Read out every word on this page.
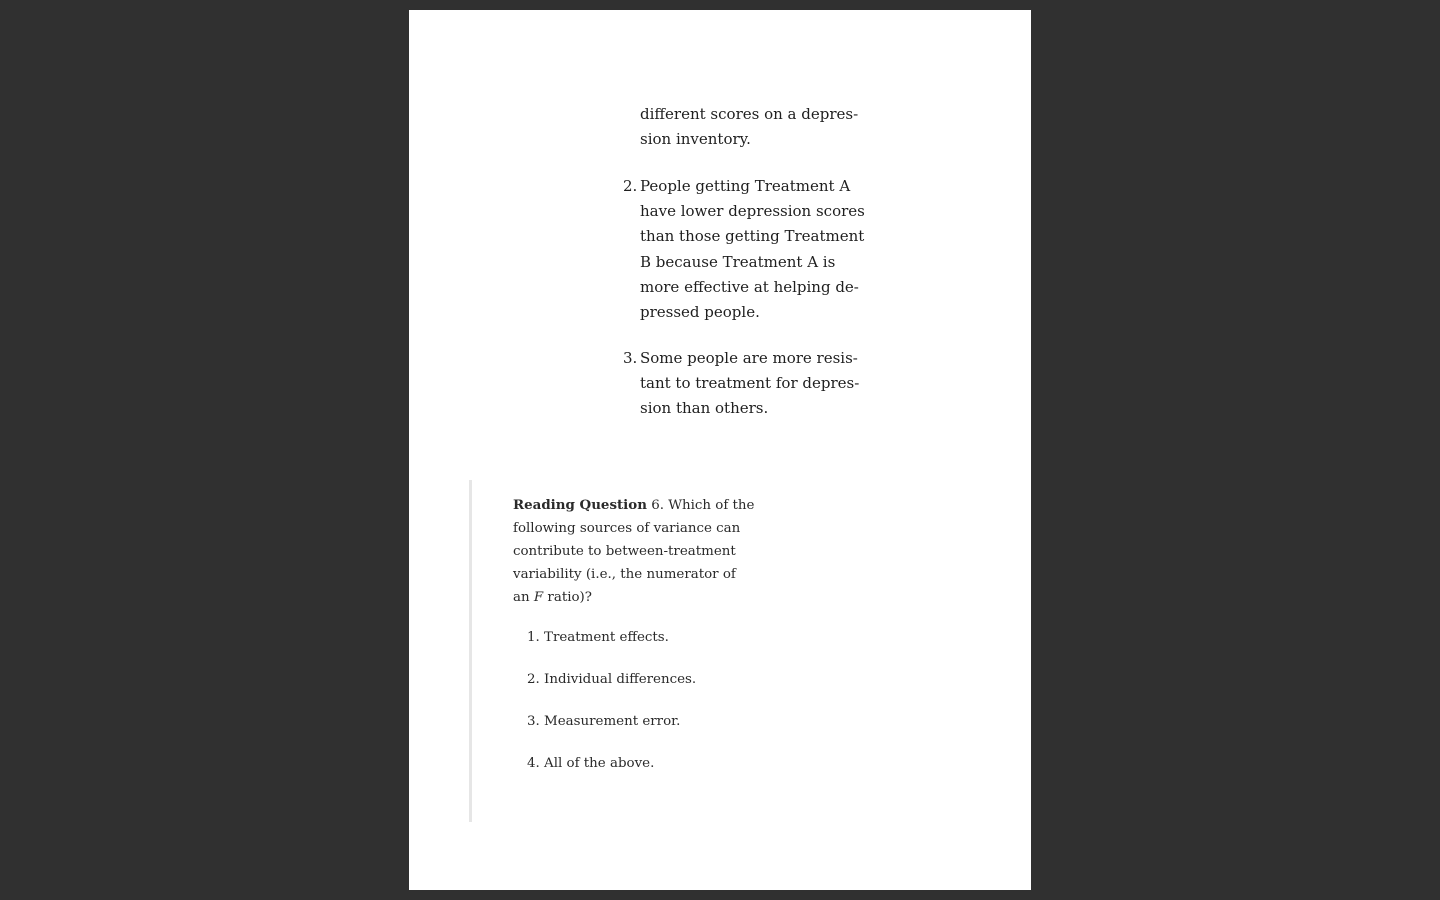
different scores on a depres-
sion inventory.
2. People getting Treatment A
have lower depression scores
than those getting Treatment
B because Treatment A is
more effective at helping de-
pressed people.
3. Some people are more resis-
tant to treatment for depres-
sion than others.
Reading Question 6. Which of the
following sources of variance can
contribute to between-treatment
variability (i.e., the numerator of
an F ratio)?
1. Treatment effects.
2. Individual differences.
3. Measurement error.
4. All of the above.
